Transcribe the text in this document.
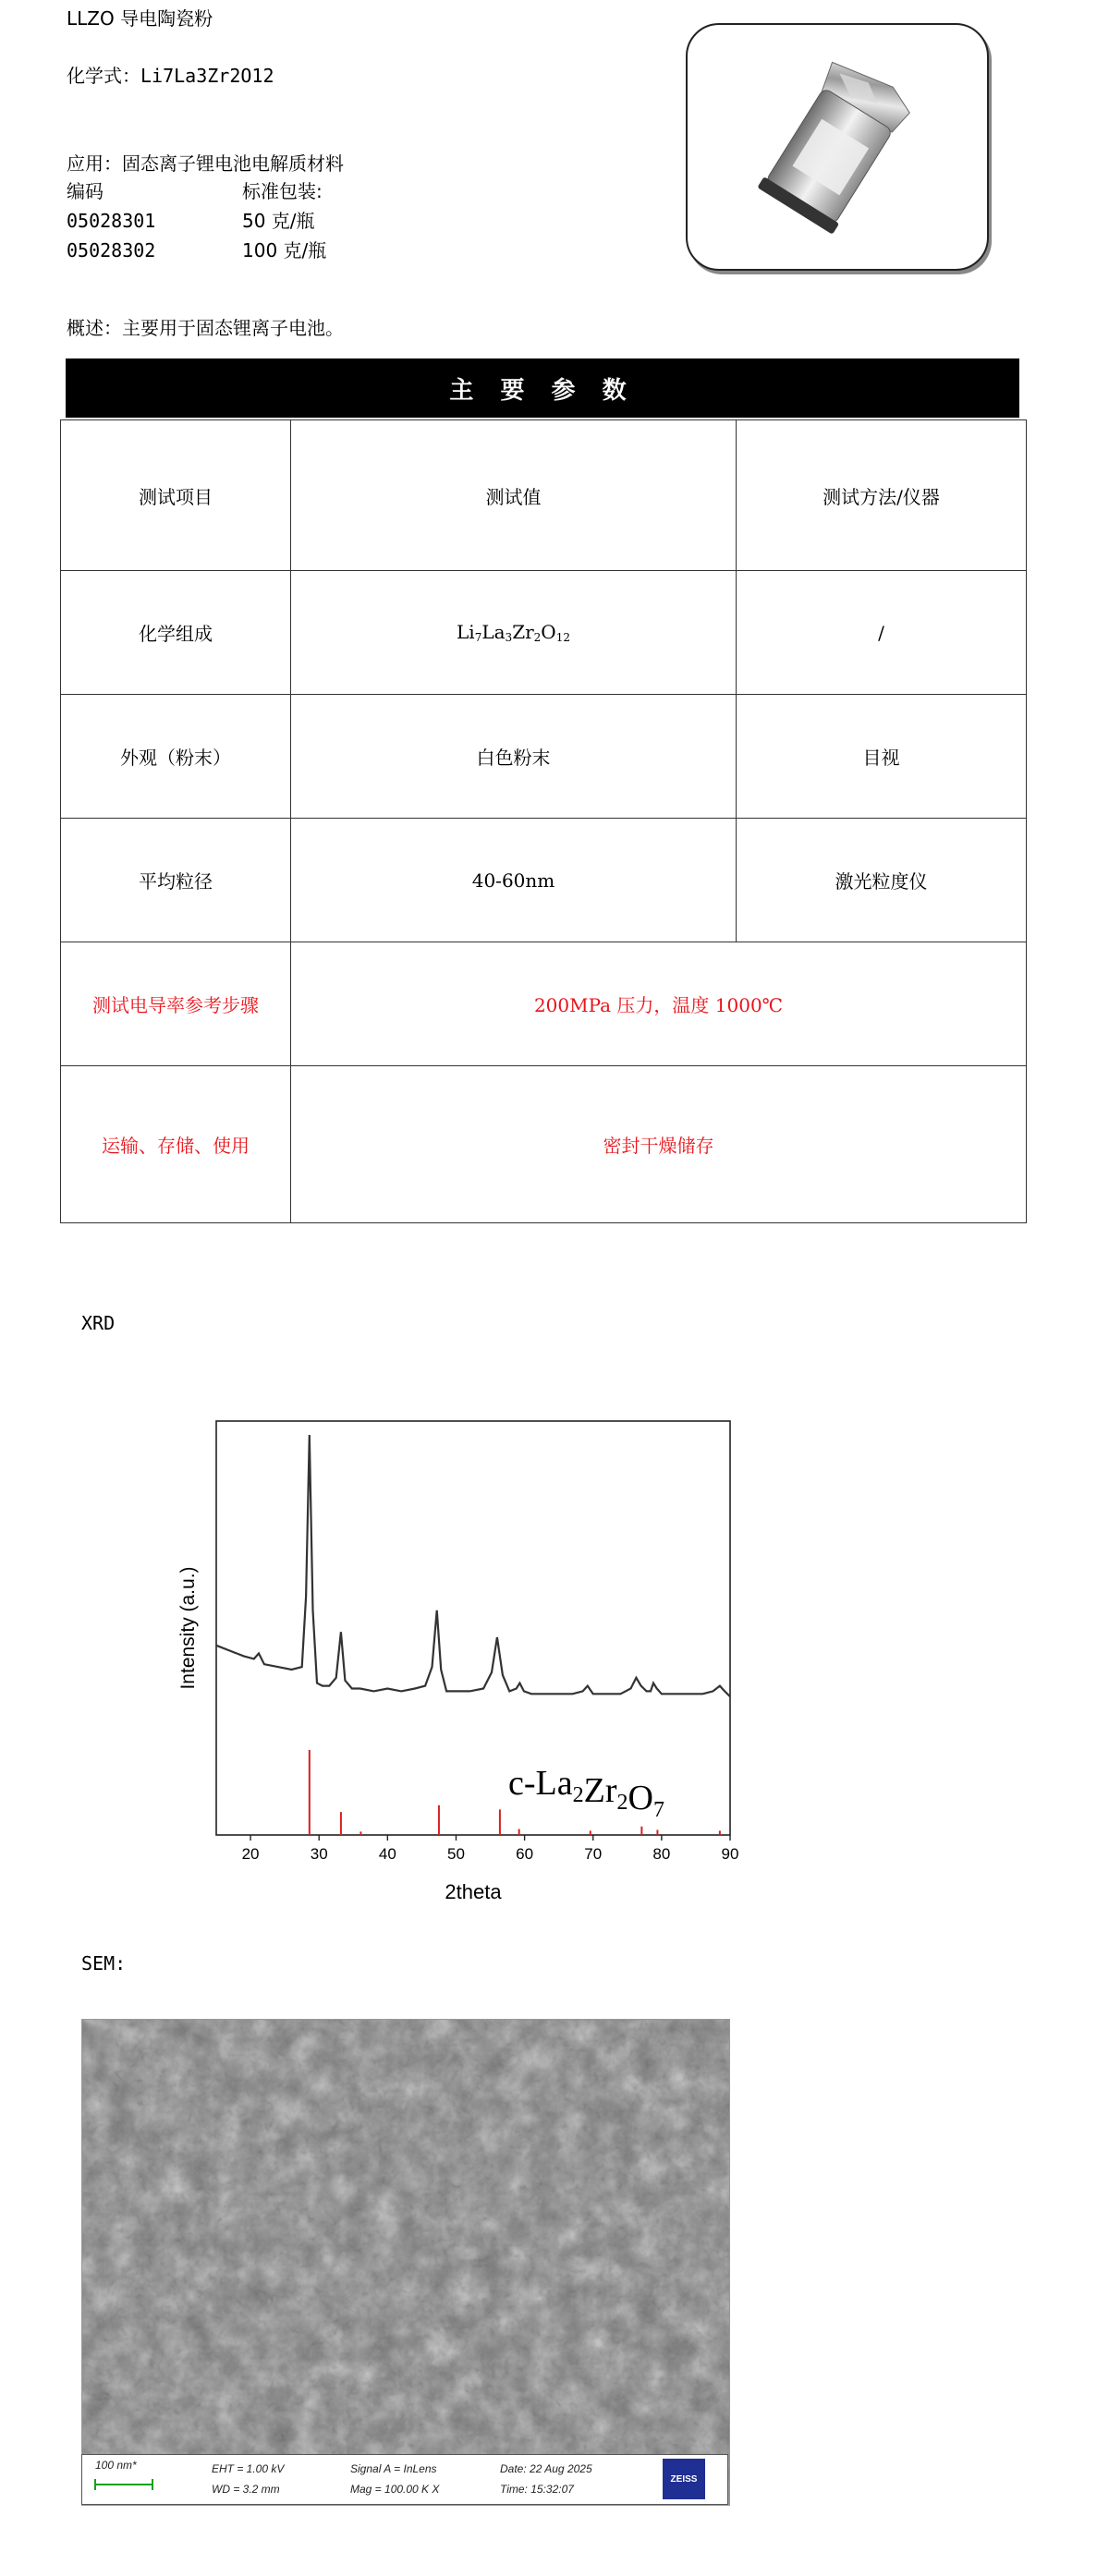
LLZO 导电陶瓷粉
化学式：Li7La3Zr2O12
应用：固态离子锂电池电解质材料
编码	标准包装:
05028301	50 克/瓶
05028302	100 克/瓶
概述：主要用于固态锂离子电池。
主 要 参 数
测试项目	测试值	测试方法/仪器
化学组成	$Li_7La_3Zr_2O_{12}$	/
外观（粉末）	白色粉末	目视
平均粒径	40-60nm	激光粒度仪
测试电导率参考步骤	200MPa 压力，温度 1000℃	
运输、存储、使用	密封干燥储存	
XRD
20	30	40	50	60	70	80	90
$c-La_2Zr_2O_7$
2theta
Intensity (a.u.)
SEM:
100 nm*	EHT = 1.00 kV
WD = 3.2 mm
Signal A = InLens
Mag = 100.00 K X
Date: 22 Aug 2025
Time: 15:32:07
ZEISS
